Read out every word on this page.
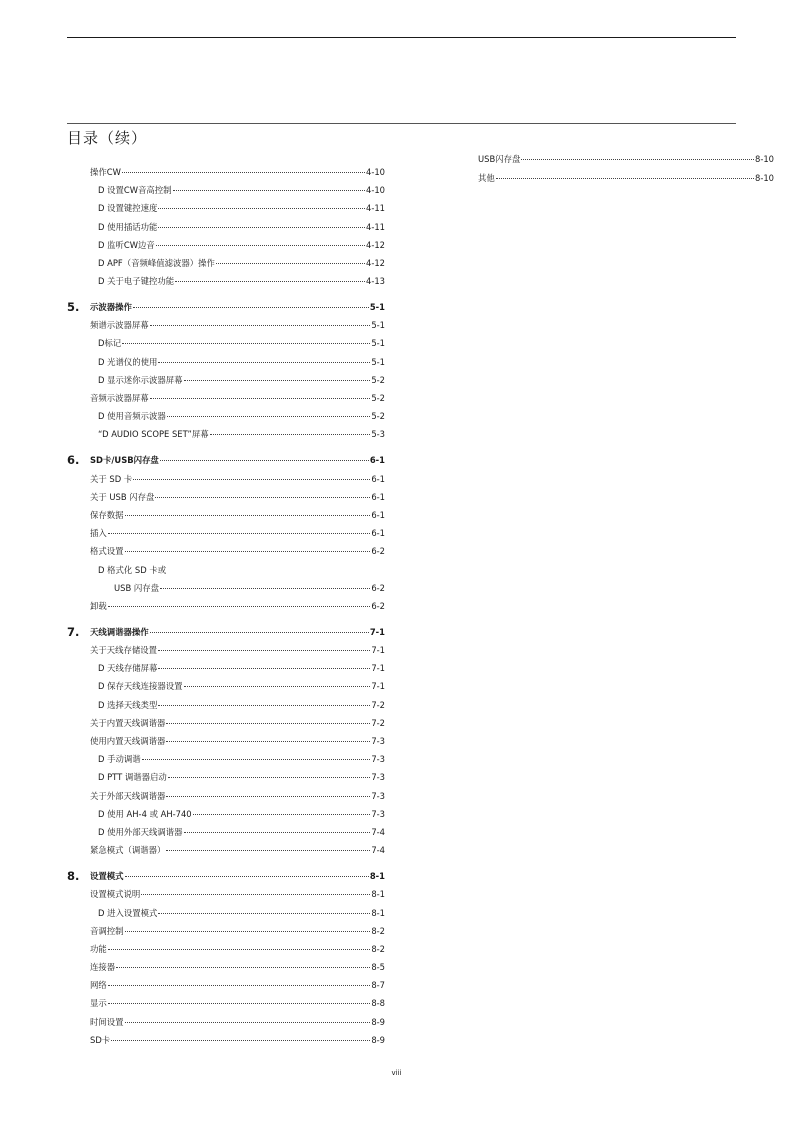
目录（续）
操作CW	4-10
D 设置CW音高控制	4-10
D 设置键控速度	4-11
D 使用插话功能	4-11
D 监听CW边音	4-12
D APF（音频峰值滤波器）操作	4-12
D 关于电子键控功能	4-13
5. 示波器操作	5-1
频谱示波器屏幕	5-1
D标记	5-1
D 光谱仪的使用	5-1
D 显示迷你示波器屏幕	5-2
音频示波器屏幕	5-2
D 使用音频示波器	5-2
“D AUDIO SCOPE SET”屏幕	5-3
6. SD卡/USB闪存盘	6-1
关于 SD 卡	6-1
关于 USB 闪存盘	6-1
保存数据	6-1
插入	6-1
格式设置	6-2
D 格式化 SD 卡或
USB 闪存盘	6-2
卸载	6-2
7. 天线调谐器操作	7-1
关于天线存储设置	7-1
D 天线存储屏幕	7-1
D 保存天线连接器设置	7-1
D 选择天线类型	7-2
关于内置天线调谐器	7-2
使用内置天线调谐器	7-3
D 手动调谐	7-3
D PTT 调谐器启动	7-3
关于外部天线调谐器	7-3
D 使用 AH-4 或 AH-740	7-3
D 使用外部天线调谐器	7-4
紧急模式（调谐器）	7-4
8. 设置模式	8-1
设置模式说明	8-1
D 进入设置模式	8-1
音调控制	8-2
功能	8-2
连接器	8-5
网络	8-7
显示	8-8
时间设置	8-9
SD卡	8-9
USB闪存盘	8-10
其他	8-10
viii
